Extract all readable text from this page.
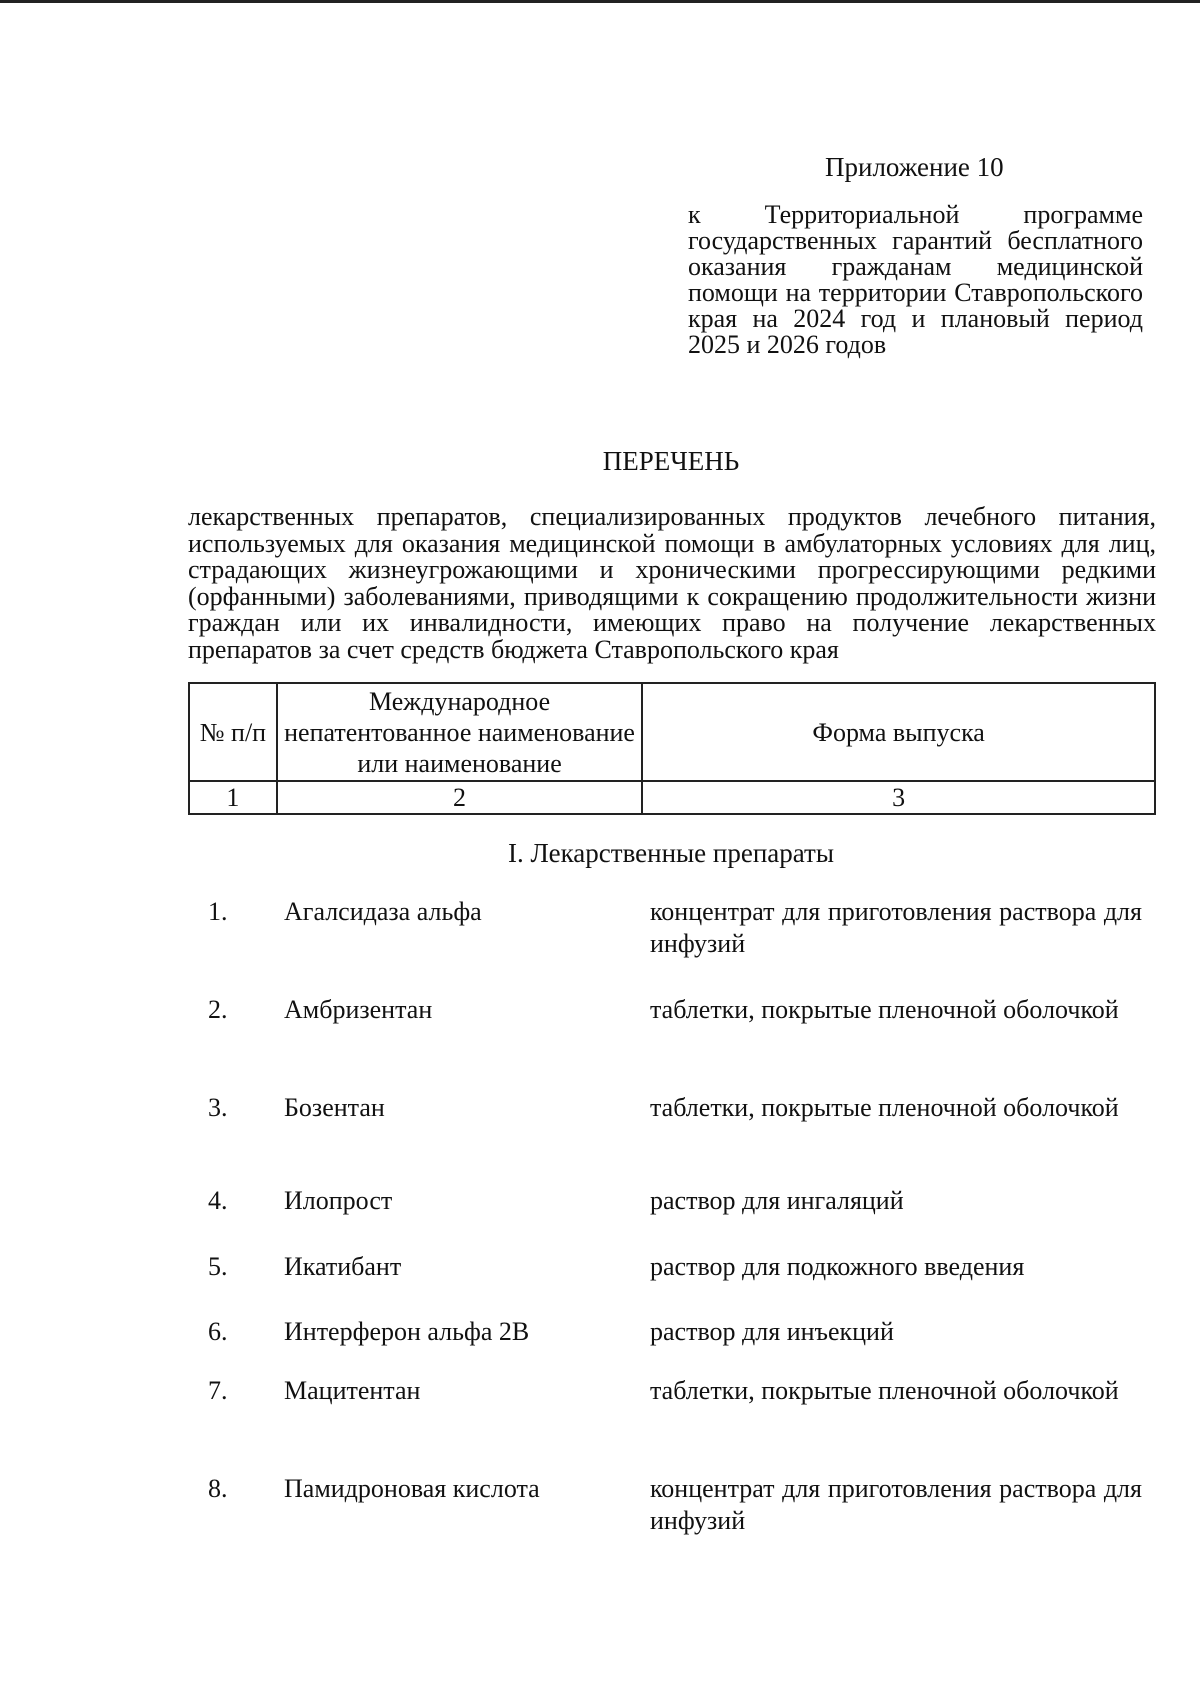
Приложение 10

к Территориальной программе государственных гарантий бесплатного оказания гражданам медицинской помощи на территории Ставропольского края на 2024 год и плановый период 2025 и 2026 годов

ПЕРЕЧЕНЬ

лекарственных препаратов, специализированных продуктов лечебного питания, используемых для оказания медицинской помощи в амбулаторных условиях для лиц, страдающих жизнеугрожающими и хроническими прогрессирующими редкими (орфанными) заболеваниями, приводящими к сокращению продолжительности жизни граждан или их инвалидности, имеющих право на получение лекарственных препаратов за счет средств бюджета Ставропольского края

№ п/п	Международное непатентованное наименование или наименование	Форма выпуска
1	2	3
I. Лекарственные препараты
1.	Агалсидаза альфа	концентрат для приготовления раствора для инфузий
2.	Амбризентан	таблетки, покрытые пленочной оболочкой
3.	Бозентан	таблетки, покрытые пленочной оболочкой
4.	Илопрост	раствор для ингаляций
5.	Икатибант	раствор для подкожного введения
6.	Интерферон альфа 2В	раствор для инъекций
7.	Мацитентан	таблетки, покрытые пленочной оболочкой
8.	Памидроновая кислота	концентрат для приготовления раствора для инфузий
